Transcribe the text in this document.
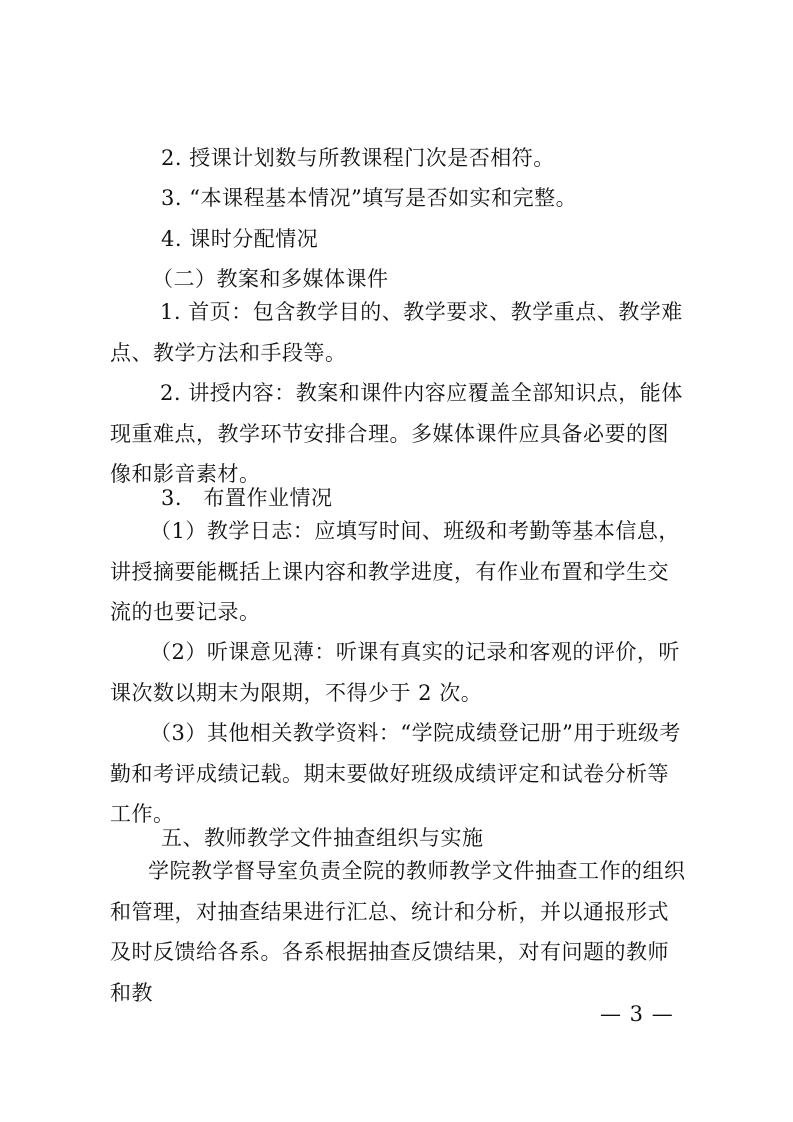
2. 授课计划数与所教课程门次是否相符。
3. “本课程基本情况”填写是否如实和完整。
4. 课时分配情况
（二）教案和多媒体课件
1. 首页：包含教学目的、教学要求、教学重点、教学难点、教学方法和手段等。
2. 讲授内容：教案和课件内容应覆盖全部知识点，能体现重难点，教学环节安排合理。多媒体课件应具备必要的图像和影音素材。
3.　布置作业情况
（1）教学日志：应填写时间、班级和考勤等基本信息，讲授摘要能概括上课内容和教学进度，有作业布置和学生交流的也要记录。
（2）听课意见薄：听课有真实的记录和客观的评价，听课次数以期末为限期，不得少于 2 次。
（3）其他相关教学资料：“学院成绩登记册”用于班级考勤和考评成绩记载。期末要做好班级成绩评定和试卷分析等工作。
五、教师教学文件抽查组织与实施
学院教学督导室负责全院的教师教学文件抽查工作的组织和管理，对抽查结果进行汇总、统计和分析，并以通报形式及时反馈给各系。各系根据抽查反馈结果，对有问题的教师和教
— 3 —
